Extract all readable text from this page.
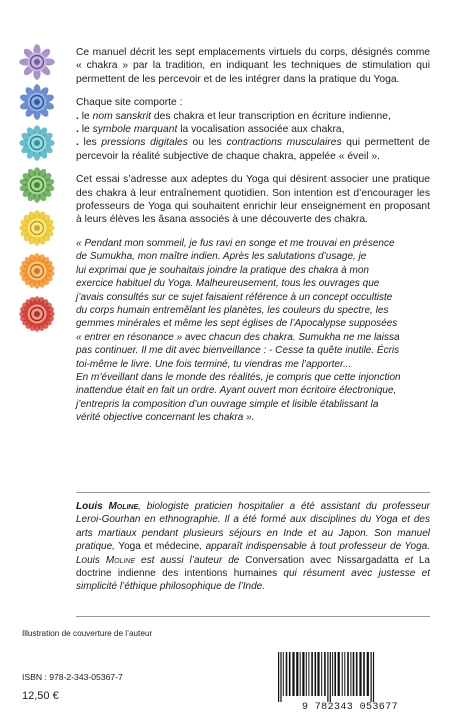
Ce manuel décrit les sept emplacements virtuels du corps, désignés comme « chakra » par la tradition, en indiquant les techniques de stimulation qui permettent de les percevoir et de les intégrer dans la pratique du Yoga.

Chaque site comporte :
. le nom sanskrit des chakra et leur transcription en écriture indienne,
. le symbole marquant la vocalisation associée aux chakra,
. les pressions digitales ou les contractions musculaires qui permettent de percevoir la réalité subjective de chaque chakra, appelée « éveil ».

Cet essai s’adresse aux adeptes du Yoga qui désirent associer une pratique des chakra à leur entraînement quotidien. Son intention est d’encourager les professeurs de Yoga qui souhaitent enrichir leur enseignement en proposant à leurs élèves les âsana associés à une découverte des chakra.

« Pendant mon sommeil, je fus ravi en songe et me trouvai en présence
de Sumukha, mon maître indien. Après les salutations d’usage, je
lui exprimai que je souhaitais joindre la pratique des chakra à mon
exercice habituel du Yoga. Malheureusement, tous les ouvrages que
j’avais consultés sur ce sujet faisaient référence à un concept occultiste
du corps humain entremêlant les planètes, les couleurs du spectre, les
gemmes minérales et même les sept églises de l’Apocalypse supposées
« entrer en résonance » avec chacun des chakra. Sumukha ne me laissa
pas continuer. Il me dit avec bienveillance : - Cesse ta quête inutile. Écris
toi-même le livre. Une fois terminé, tu viendras me l’apporter...
En m’éveillant dans le monde des réalités, je compris que cette injonction
inattendue était en fait un ordre. Ayant ouvert mon écritoire électronique,
j’entrepris la composition d’un ouvrage simple et lisible établissant la
vérité objective concernant les chakra ».

Louis Moline, biologiste praticien hospitalier a été assistant du professeur Leroi-Gourhan en ethnographie. Il a été formé aux disciplines du Yoga et des arts martiaux pendant plusieurs séjours en Inde et au Japon. Son manuel pratique, Yoga et médecine, apparaît indispensable à tout professeur de Yoga. Louis Moline est aussi l’auteur de Conversation avec Nissargadatta et La doctrine indienne des intentions humaines qui résument avec justesse et simplicité l’éthique philosophique de l’Inde.
Illustration de couverture de l’auteur
ISBN : 978-2-343-05367-7
12,50 €
9 782343 053677
